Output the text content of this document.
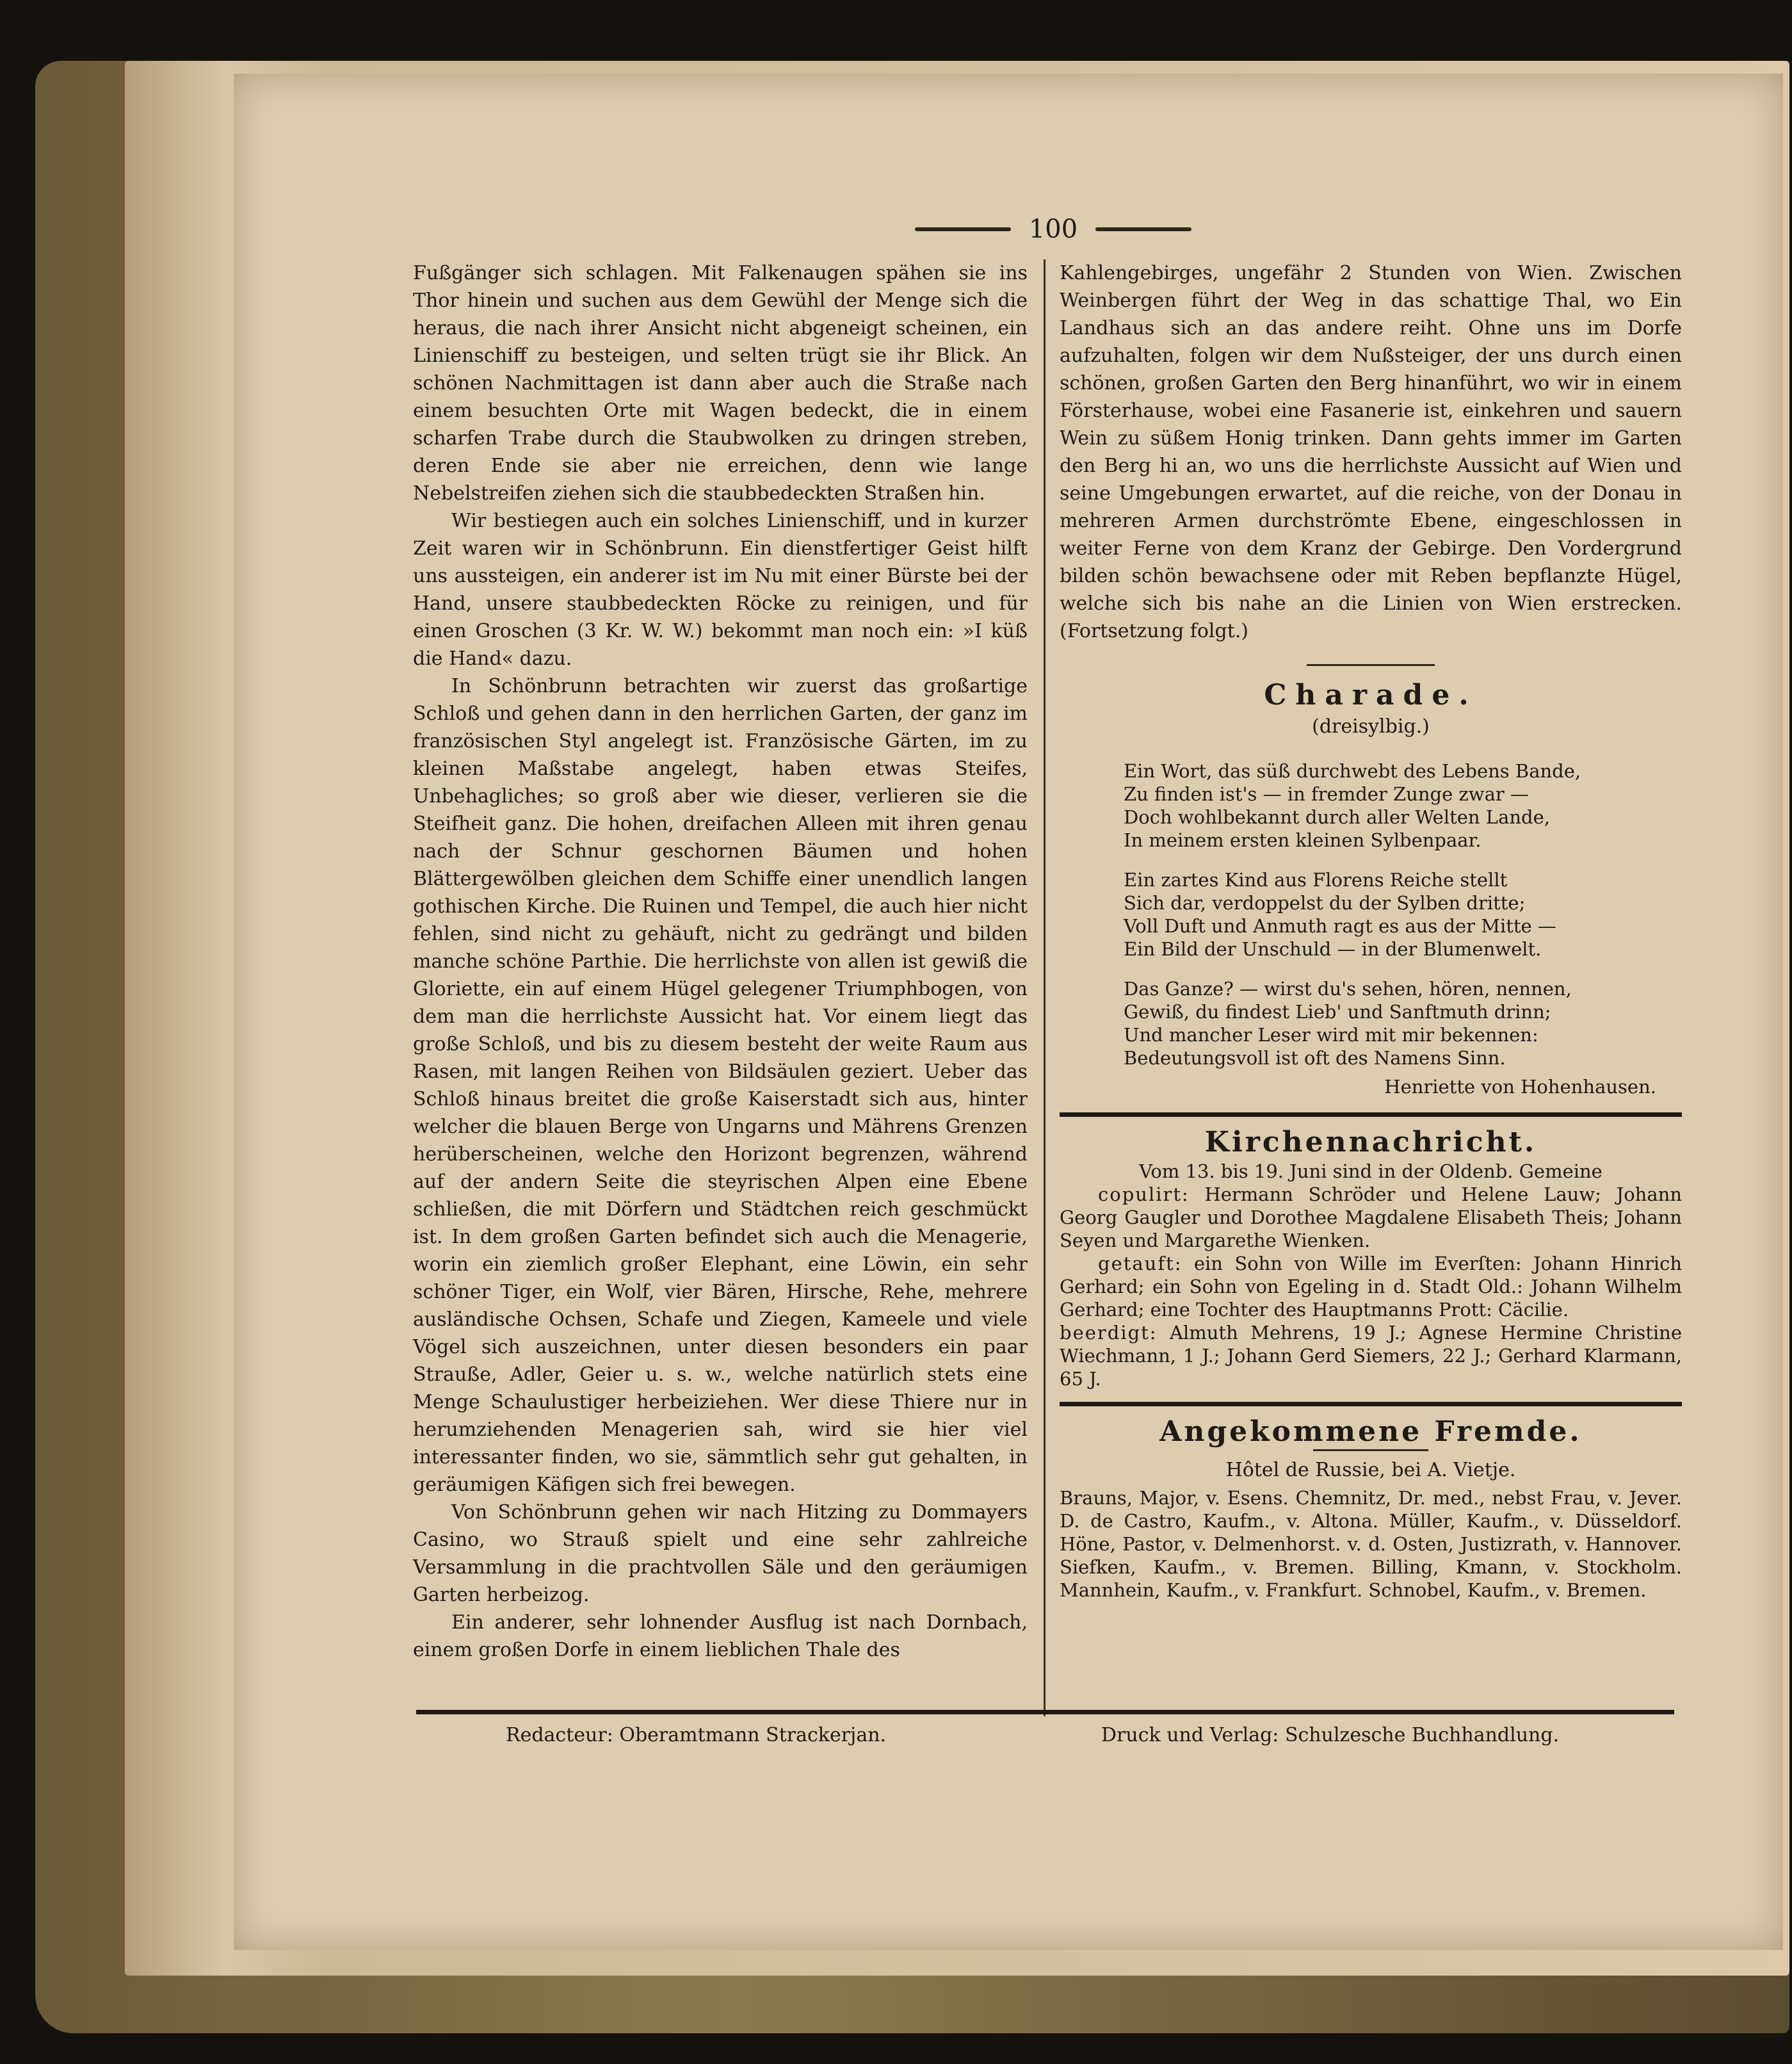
100

Fußgänger sich schlagen. Mit Falkenaugen spähen sie ins Thor hinein und suchen aus dem Gewühl der Menge sich die heraus, die nach ihrer Ansicht nicht abgeneigt scheinen, ein Linienschiff zu besteigen, und selten trügt sie ihr Blick. An schönen Nachmittagen ist dann aber auch die Straße nach einem besuchten Orte mit Wagen bedeckt, die in einem scharfen Trabe durch die Staubwolken zu dringen streben, deren Ende sie aber nie erreichen, denn wie lange Nebelstreifen ziehen sich die staubbedeckten Straßen hin.

Wir bestiegen auch ein solches Linienschiff, und in kurzer Zeit waren wir in Schönbrunn. Ein dienstfertiger Geist hilft uns aussteigen, ein anderer ist im Nu mit einer Bürste bei der Hand, unsere staubbedeckten Röcke zu reinigen, und für einen Groschen (3 Kr. W. W.) bekommt man noch ein: »I küß die Hand« dazu.

In Schönbrunn betrachten wir zuerst das großartige Schloß und gehen dann in den herrlichen Garten, der ganz im französischen Styl angelegt ist. Französische Gärten, im zu kleinen Maßstabe angelegt, haben etwas Steifes, Unbehagliches; so groß aber wie dieser, verlieren sie die Steifheit ganz. Die hohen, dreifachen Alleen mit ihren genau nach der Schnur geschornen Bäumen und hohen Blättergewölben gleichen dem Schiffe einer unendlich langen gothischen Kirche. Die Ruinen und Tempel, die auch hier nicht fehlen, sind nicht zu gehäuft, nicht zu gedrängt und bilden manche schöne Parthie. Die herrlichste von allen ist gewiß die Gloriette, ein auf einem Hügel gelegener Triumphbogen, von dem man die herrlichste Aussicht hat. Vor einem liegt das große Schloß, und bis zu diesem besteht der weite Raum aus Rasen, mit langen Reihen von Bildsäulen geziert. Ueber das Schloß hinaus breitet die große Kaiserstadt sich aus, hinter welcher die blauen Berge von Ungarns und Mährens Grenzen herüberscheinen, welche den Horizont begrenzen, während auf der andern Seite die steyrischen Alpen eine Ebene schließen, die mit Dörfern und Städtchen reich geschmückt ist. In dem großen Garten befindet sich auch die Menagerie, worin ein ziemlich großer Elephant, eine Löwin, ein sehr schöner Tiger, ein Wolf, vier Bären, Hirsche, Rehe, mehrere ausländische Ochsen, Schafe und Ziegen, Kameele und viele Vögel sich auszeichnen, unter diesen besonders ein paar Strauße, Adler, Geier u. s. w., welche natürlich stets eine Menge Schaulustiger herbeiziehen. Wer diese Thiere nur in herumziehenden Menagerien sah, wird sie hier viel interessanter finden, wo sie, sämmtlich sehr gut gehalten, in geräumigen Käfigen sich frei bewegen.

Von Schönbrunn gehen wir nach Hitzing zu Dommayers Casino, wo Strauß spielt und eine sehr zahlreiche Versammlung in die prachtvollen Säle und den geräumigen Garten herbeizog.

Ein anderer, sehr lohnender Ausflug ist nach Dornbach, einem großen Dorfe in einem lieblichen Thale des

Kahlengebirges, ungefähr 2 Stunden von Wien. Zwischen Weinbergen führt der Weg in das schattige Thal, wo Ein Landhaus sich an das andere reiht. Ohne uns im Dorfe aufzuhalten, folgen wir dem Nußsteiger, der uns durch einen schönen, großen Garten den Berg hinanführt, wo wir in einem Försterhause, wobei eine Fasanerie ist, einkehren und sauern Wein zu süßem Honig trinken. Dann gehts immer im Garten den Berg hi an, wo uns die herrlichste Aussicht auf Wien und seine Umgebungen erwartet, auf die reiche, von der Donau in mehreren Armen durchströmte Ebene, eingeschlossen in weiter Ferne von dem Kranz der Gebirge. Den Vordergrund bilden schön bewachsene oder mit Reben bepflanzte Hügel, welche sich bis nahe an die Linien von Wien erstrecken. (Fortsetzung folgt.)

Charade.
(dreisylbig.)
Ein Wort, das süß durchwebt des Lebens Bande,
Zu finden ist's — in fremder Zunge zwar —
Doch wohlbekannt durch aller Welten Lande,
In meinem ersten kleinen Sylbenpaar.
Ein zartes Kind aus Florens Reiche stellt
Sich dar, verdoppelst du der Sylben dritte;
Voll Duft und Anmuth ragt es aus der Mitte —
Ein Bild der Unschuld — in der Blumenwelt.
Das Ganze? — wirst du's sehen, hören, nennen,
Gewiß, du findest Lieb' und Sanftmuth drinn;
Und mancher Leser wird mit mir bekennen:
Bedeutungsvoll ist oft des Namens Sinn.
Henriette von Hohenhausen.
Kirchennachricht.
Vom 13. bis 19. Juni sind in der Oldenb. Gemeine
copulirt: Hermann Schröder und Helene Lauw; Johann Georg Gaugler und Dorothee Magdalene Elisabeth Theis; Johann Seyen und Margarethe Wienken.
getauft: ein Sohn von Wille im Everſten: Johann Hinrich Gerhard; ein Sohn von Egeling in d. Stadt Old.: Johann Wilhelm Gerhard; eine Tochter des Hauptmanns Prott: Cäcilie.
beerdigt: Almuth Mehrens, 19 J.; Agnese Hermine Christine Wiechmann, 1 J.; Johann Gerd Siemers, 22 J.; Gerhard Klarmann, 65 J.
Angekommene Fremde.
Hôtel de Russie, bei A. Vietje.
Brauns, Major, v. Esens. Chemnitz, Dr. med., nebst Frau, v. Jever. D. de Castro, Kaufm., v. Altona. Müller, Kaufm., v. Düsseldorf. Höne, Pastor, v. Delmenhorst. v. d. Osten, Justizrath, v. Hannover. Siefken, Kaufm., v. Bremen. Billing, Kmann, v. Stockholm. Mannhein, Kaufm., v. Frankfurt. Schnobel, Kaufm., v. Bremen.
Redacteur: Oberamtmann Strackerjan.	Druck und Verlag: Schulzesche Buchhandlung.
